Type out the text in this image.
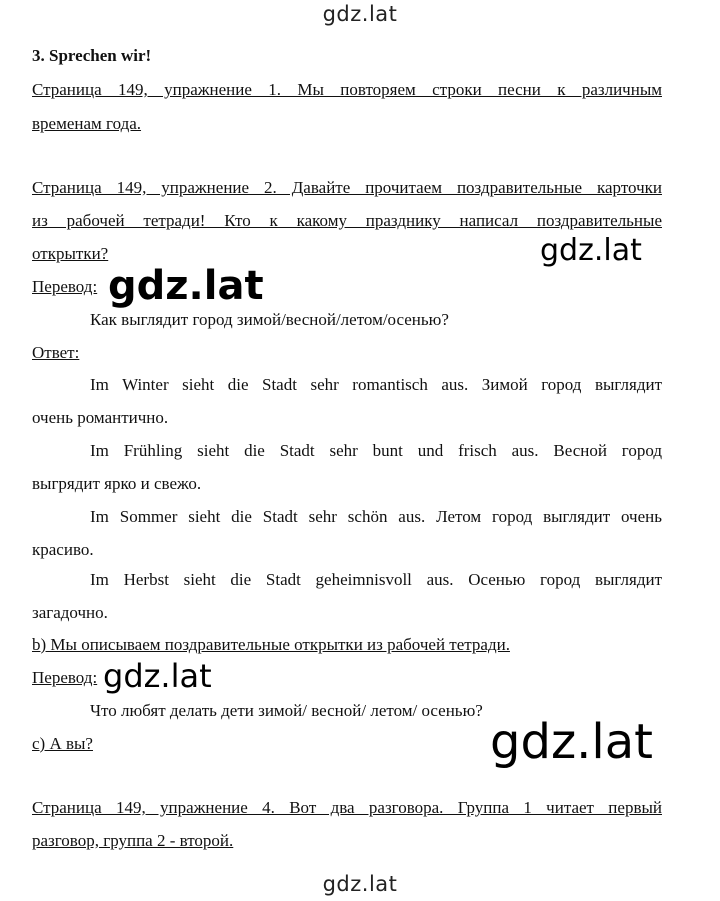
gdz.lat
3. Sprechen wir!
Страница 149, упражнение 1. Мы повторяем строки песни к различным
временам года.
Страница 149, упражнение 2. Давайте прочитаем поздравительные карточки
из рабочей тетради! Кто к какому празднику написал поздравительные
открытки?
Перевод:
Как выглядит город зимой/весной/летом/осенью?
Ответ:
Im Winter sieht die Stadt sehr romantisch aus. Зимой город выглядит
очень романтично.
Im Frühling sieht die Stadt sehr bunt und frisch aus. Весной город
выгрядит ярко и свежо.
Im Sommer sieht die Stadt sehr schön aus. Летом город выглядит очень
красиво.
Im Herbst sieht die Stadt geheimnisvoll aus. Осенью город выглядит
загадочно.
b) Мы описываем поздравительные открытки из рабочей тетради.
Перевод:
Что любят делать дети зимой/ весной/ летом/ осенью?
c) А вы?
Страница 149, упражнение 4. Вот два разговора. Группа 1 читает первый
разговор, группа 2 - второй.
gdz.lat
gdz.lat
gdz.lat
gdz.lat
gdz.lat
